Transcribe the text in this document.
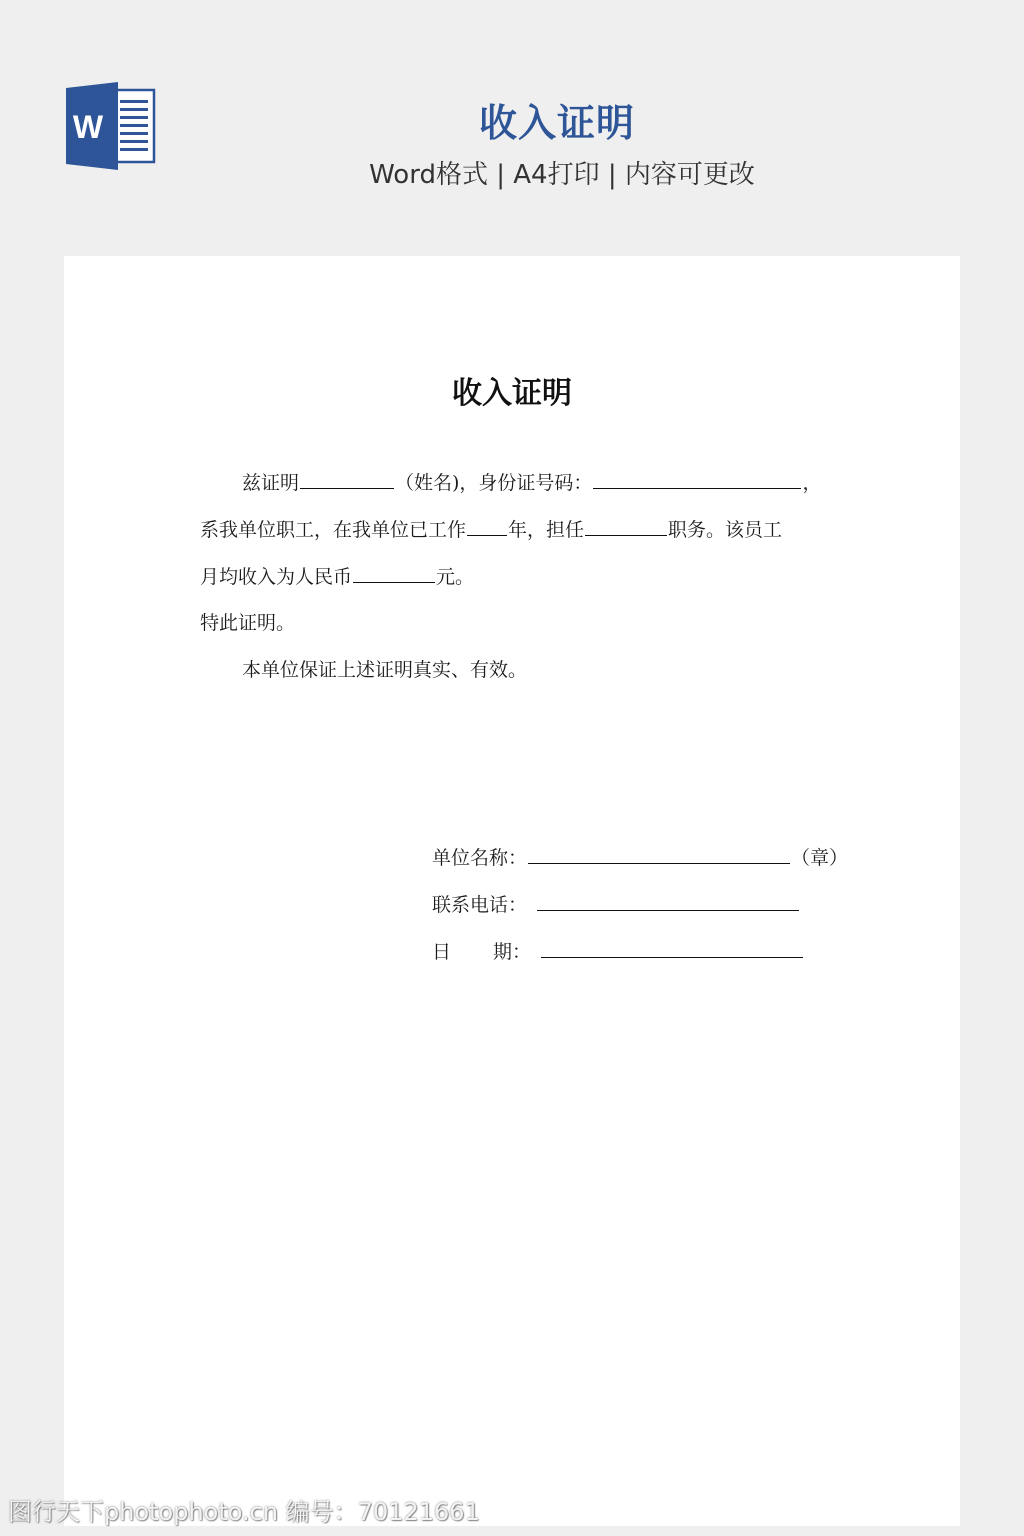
W	收入证明
Word格式 | A4打印 | 内容可更改
收入证明
兹证明	（姓名)，身份证号码：	，
系我单位职工，在我单位已工作 年，担任	职务。该员工
月均收入为人民币	元。
特此证明。
本单位保证上述证明真实、有效。
单位名称：	（章）
联系电话：
日 期：
图行天下photophoto.cn 编号：70121661
